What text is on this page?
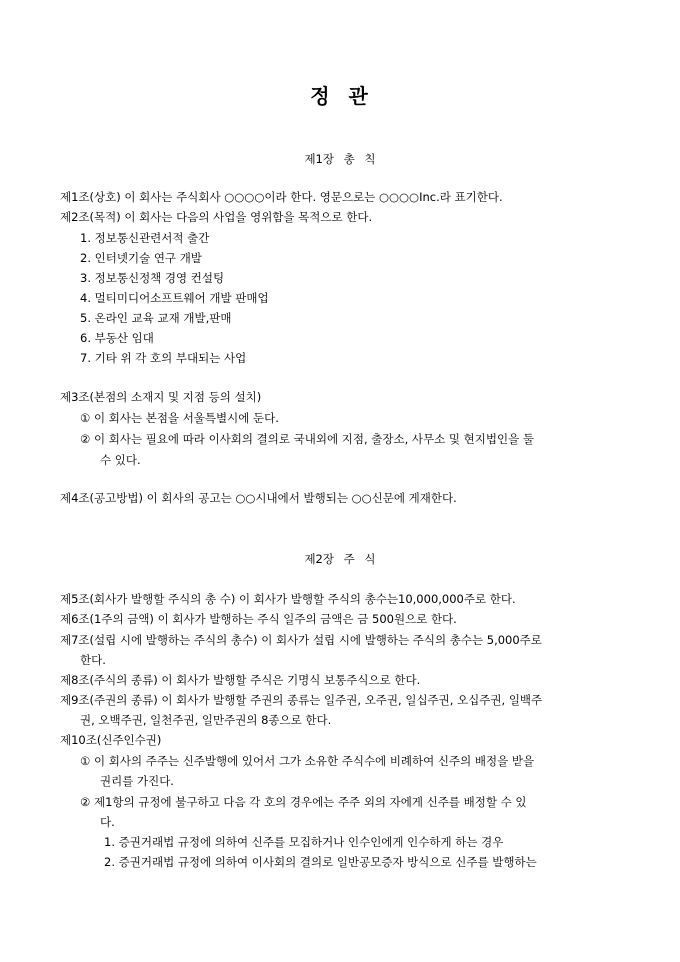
정 관
제1장 총 칙
제1조(상호) 이 회사는 주식회사 ○○○○이라 한다. 영문으로는 ○○○○Inc.라 표기한다.
제2조(목적) 이 회사는 다음의 사업을 영위함을 목적으로 한다.
1. 정보통신관련서적 출간
2. 인터넷기술 연구 개발
3. 정보통신정책 경영 컨설팅
4. 멀티미디어소프트웨어 개발 판매업
5. 온라인 교육 교재 개발,판매
6. 부동산 임대
7. 기타 위 각 호의 부대되는 사업
제3조(본점의 소재지 및 지점 등의 설치)
① 이 회사는 본점을 서울특별시에 둔다.
② 이 회사는 필요에 따라 이사회의 결의로 국내외에 지점, 출장소, 사무소 및 현지법인을 둘
수 있다.
제4조(공고방법) 이 회사의 공고는 ○○시내에서 발행되는 ○○신문에 게재한다.
제2장 주 식
제5조(회사가 발행할 주식의 총 수) 이 회사가 발행할 주식의 총수는10,000,000주로 한다.
제6조(1주의 금액) 이 회사가 발행하는 주식 일주의 금액은 금 500원으로 한다.
제7조(설립 시에 발행하는 주식의 총수) 이 회사가 설립 시에 발행하는 주식의 총수는 5,000주로
한다.
제8조(주식의 종류) 이 회사가 발행할 주식은 기명식 보통주식으로 한다.
제9조(주권의 종류) 이 회사가 발행할 주권의 종류는 일주권, 오주권, 일십주권, 오십주권, 일백주
권, 오백주권, 일천주권, 일만주권의 8종으로 한다.
제10조(신주인수권)
① 이 회사의 주주는 신주발행에 있어서 그가 소유한 주식수에 비례하여 신주의 배정을 받을
권리를 가진다.
② 제1항의 규정에 불구하고 다음 각 호의 경우에는 주주 외의 자에게 신주를 배정할 수 있
다.
1. 증권거래법 규정에 의하여 신주를 모집하거나 인수인에게 인수하게 하는 경우
2. 증권거래법 규정에 의하여 이사회의 결의로 일반공모증자 방식으로 신주를 발행하는
